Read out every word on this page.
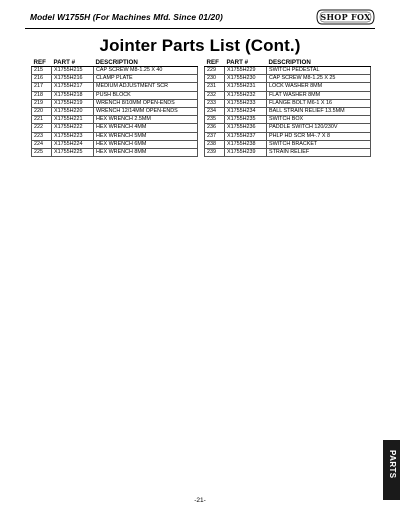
Model W1755H (For Machines Mfd. Since 01/20)	SHOP FOX
Jointer Parts List (Cont.)
REF	PART #	DESCRIPTION
215	X1755H215	CAP SCREW M8-1.25 X 40
216	X1755H216	CLAMP PLATE
217	X1755H217	MEDIUM ADJUSTMENT SCR
218	X1755H218	PUSH BLOCK
219	X1755H219	WRENCH 8/10MM OPEN-ENDS
220	X1755H220	WRENCH 12/14MM OPEN-ENDS
221	X1755H221	HEX WRENCH 2.5MM
222	X1755H222	HEX WRENCH 4MM
223	X1755H223	HEX WRENCH 5MM
224	X1755H224	HEX WRENCH 6MM
225	X1755H225	HEX WRENCH 8MM
REF	PART #	DESCRIPTION
229	X1755H229	SWITCH PEDESTAL
230	X1755H230	CAP SCREW M8-1.25 X 25
231	X1755H231	LOCK WASHER 8MM
232	X1755H232	FLAT WASHER 8MM
233	X1755H233	FLANGE BOLT M6-1 X 16
234	X1755H234	BALL STRAIN RELIEF 13.5MM
235	X1755H235	SWITCH BOX
236	X1755H236	PADDLE SWITCH 120/230V
237	X1755H237	PHLP HD SCR M4-.7 X 8
238	X1755H238	SWITCH BRACKET
239	X1755H239	STRAIN RELIEF
PARTS
-21-
